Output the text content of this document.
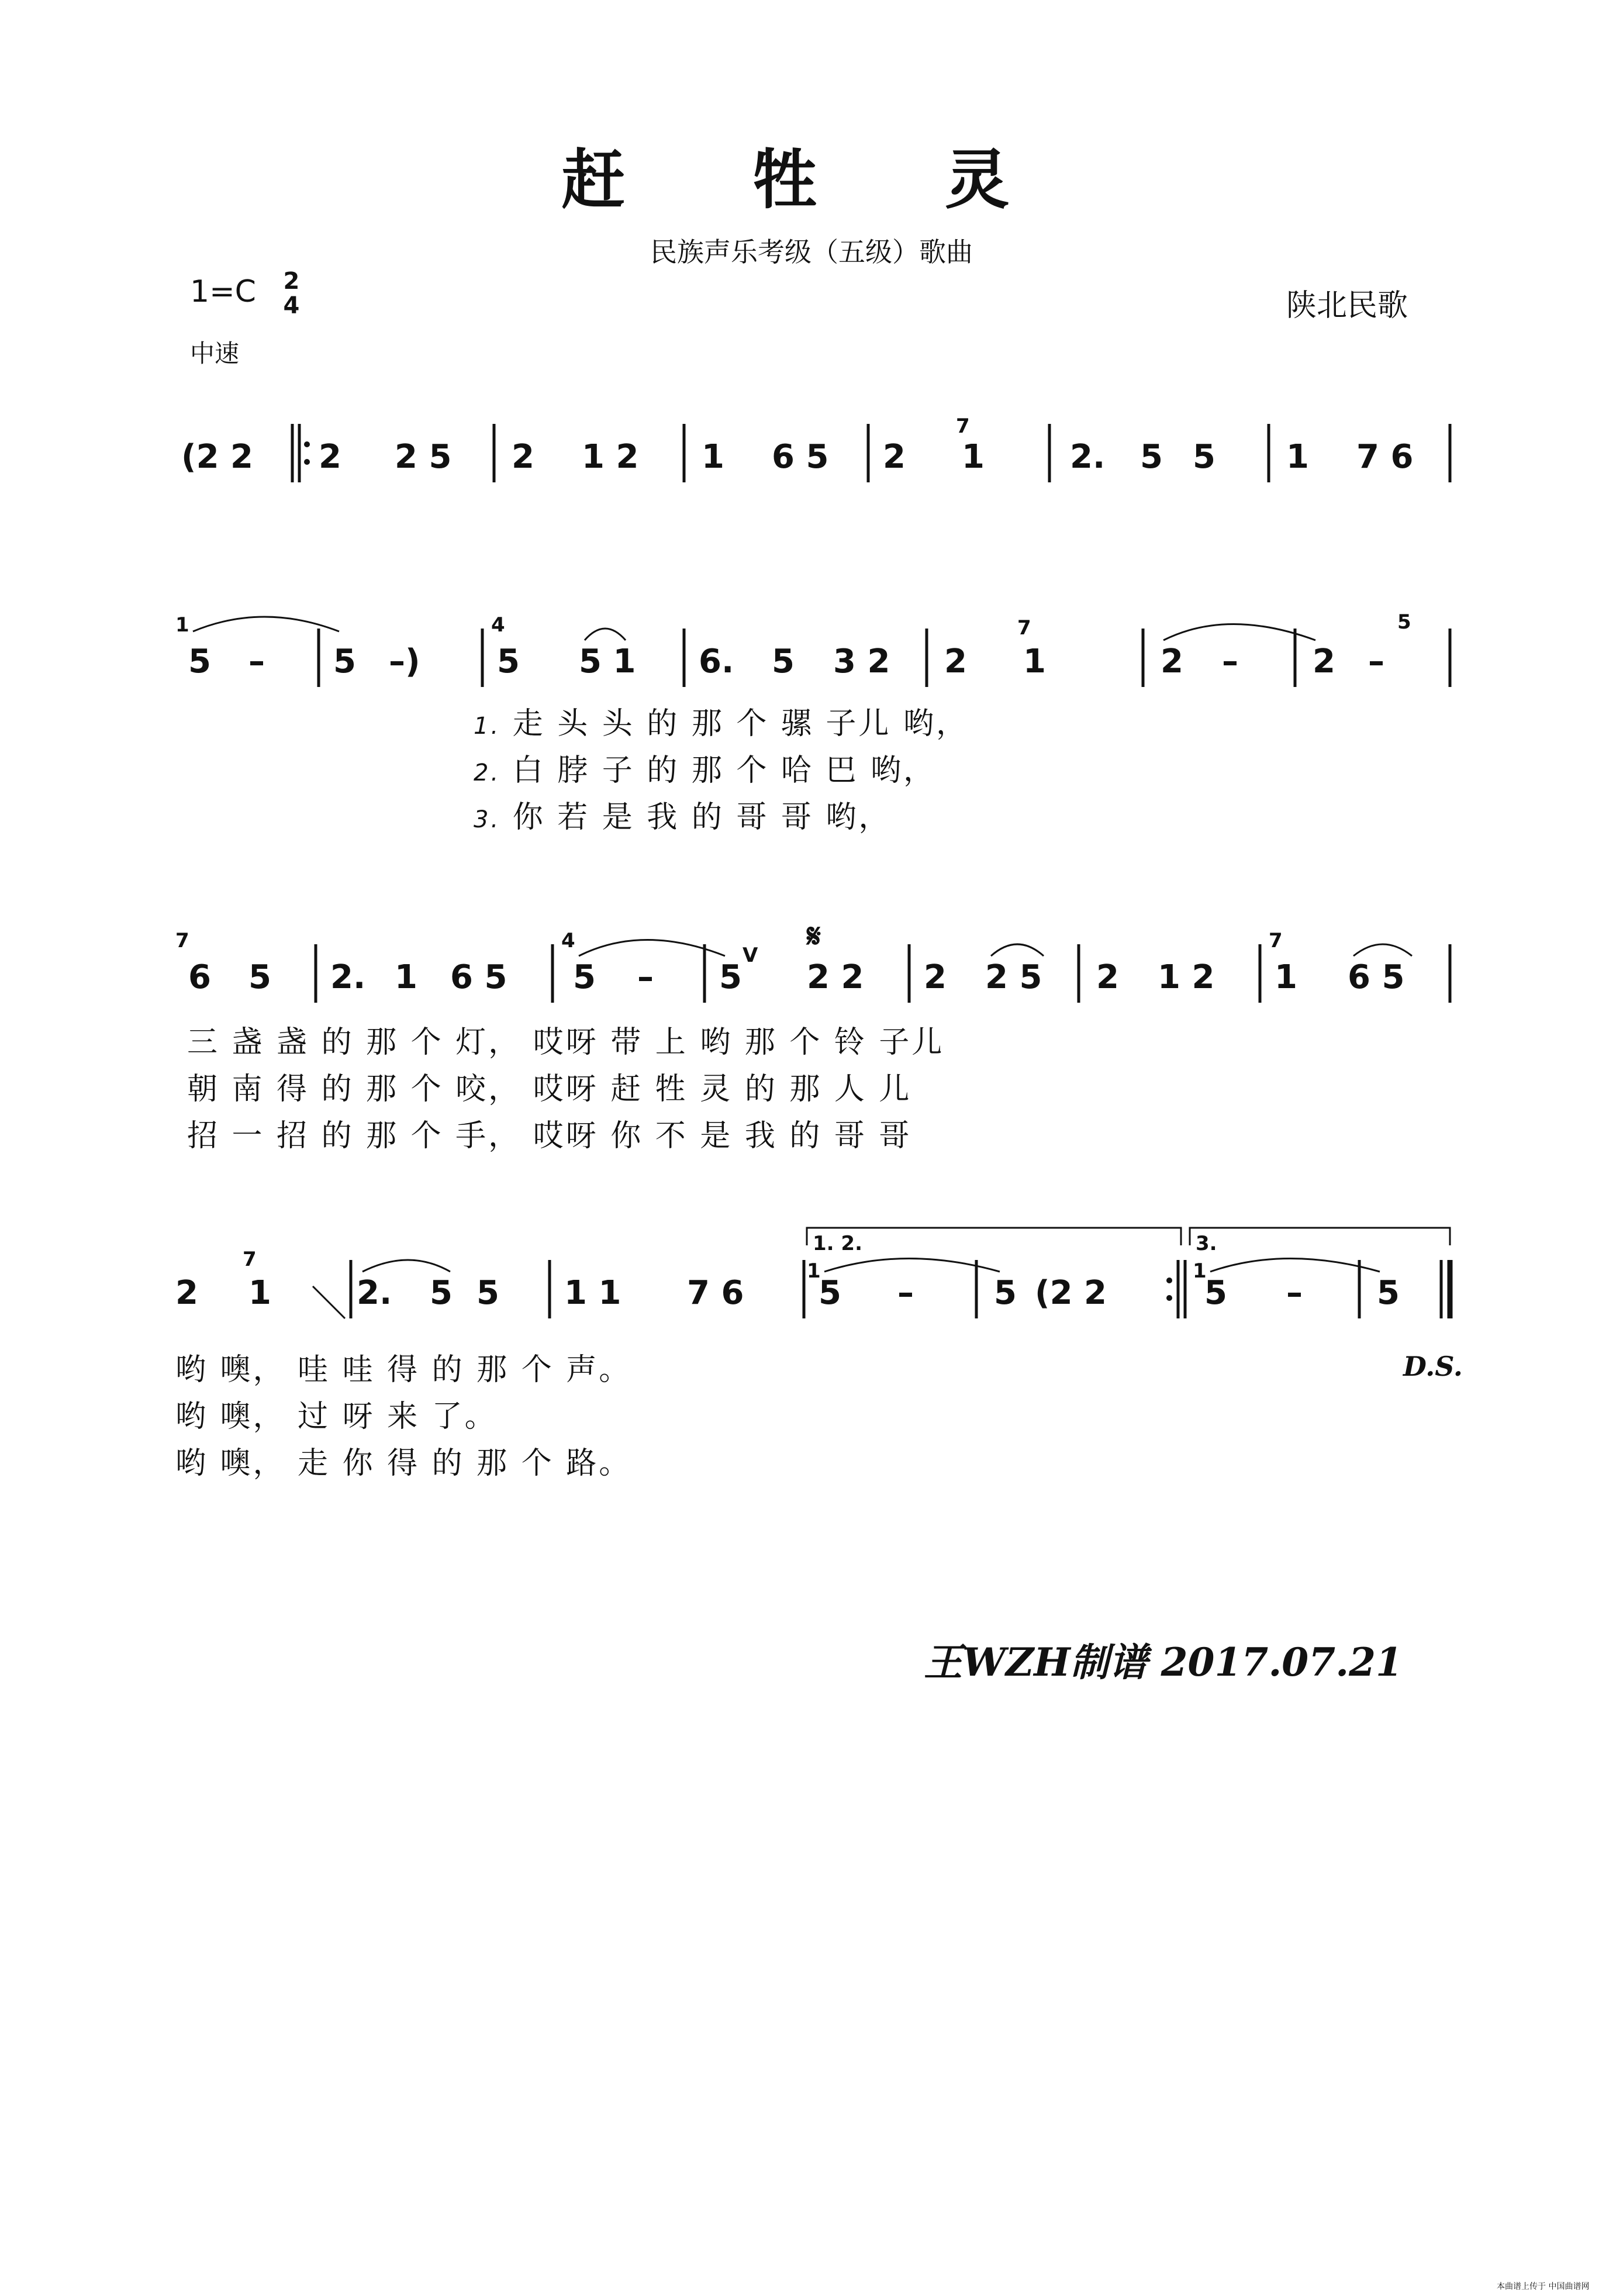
赶 牲 灵
民族声乐考级（五级）歌曲
1=C 2
4	陕北民歌
中速
(2 2 2 2 5 2 1 2 1 6 5 2
7
1	2. 5 5 1 7 6
1
5 – 5 –)
4
5 5 1 6. 5 3 2 2
7
1	2 – 2 –
5
1. 走 头 头 的 那 个 骡 子儿 哟，
2. 白 脖 子 的 那 个 哈 巴 哟，
3. 你 若 是 我 的 哥 哥 哟，
7
6 5 2. 1 6 5
4
5 – 5
V 𝄋
2 2 2 2 5 2 1 2
7
1 6 5
三 盏 盏 的 那 个 灯， 哎呀 带 上 哟 那 个 铃 子儿
朝 南 得 的 那 个 咬， 哎呀 赶 牲 灵 的 那 人 儿
招 一 招 的 那 个 手， 哎呀 你 不 是 我 的 哥 哥
2
7
1	2. 5 5 1 1 7 6
1. 2.
1
5 – 5 (2 2
3.
1
5 – 5
哟 噢， 哇 哇 得 的 那 个 声。
哟 噢， 过 呀 来 了。
哟 噢， 走 你 得 的 那 个 路。
D.S.
王WZH制谱 2017.07.21
本曲谱上传于 中国曲谱网
